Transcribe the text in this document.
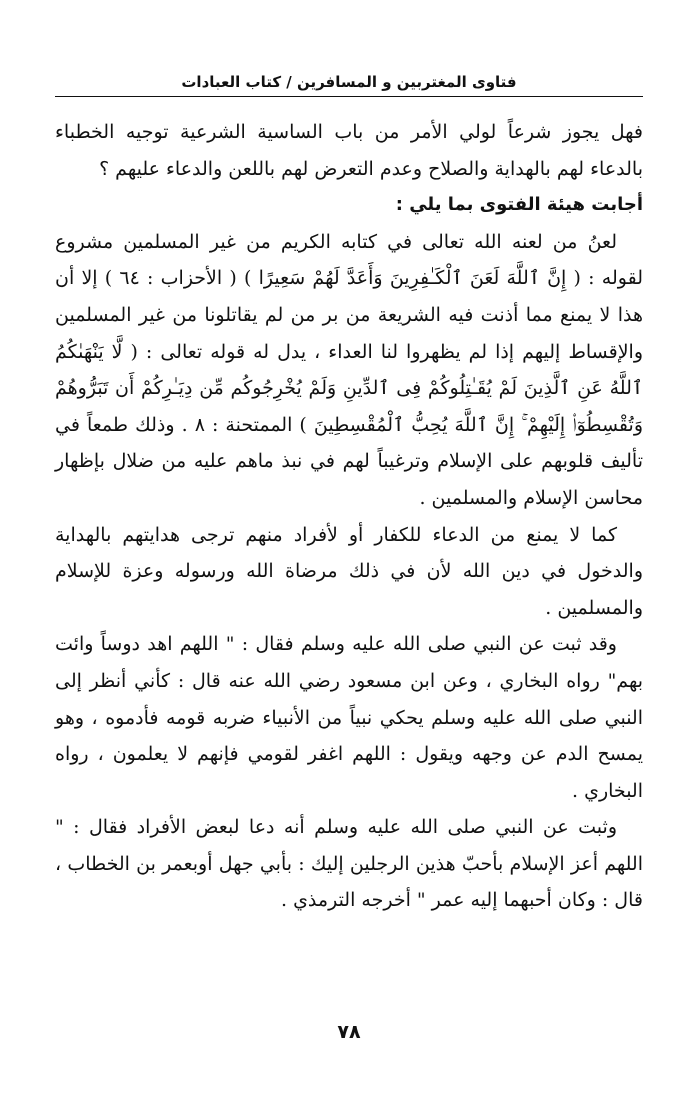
فتاوى المغتربين و المسافرين / كتاب العبادات

فهل يجوز شرعاً لولي الأمر من باب الساسية الشرعية توجيه الخطباء بالدعاء لهم بالهداية والصلاح وعدم التعرض لهم باللعن والدعاء عليهم ؟

أجابت هيئة الفتوى بما يلي :

لعنُ من لعنه الله تعالى في كتابه الكريم من غير المسلمين مشروع لقوله : ( إِنَّ ٱللَّهَ لَعَنَ ٱلْكَـٰفِرِينَ وَأَعَدَّ لَهُمْ سَعِيرًا ) ( الأحزاب : ٦٤ ) إلا أن هذا لا يمنع مما أذنت فيه الشريعة من بر من لم يقاتلونا من غير المسلمين والإقساط إليهم إذا لم يظهروا لنا العداء ، يدل له قوله تعالى : ( لَّا يَنْهَىٰكُمُ ٱللَّهُ عَنِ ٱلَّذِينَ لَمْ يُقَـٰتِلُوكُمْ فِى ٱلدِّينِ وَلَمْ يُخْرِجُوكُم مِّن دِيَـٰرِكُمْ أَن تَبَرُّوهُمْ وَتُقْسِطُوٓا۟ إِلَيْهِمْ ۚ إِنَّ ٱللَّهَ يُحِبُّ ٱلْمُقْسِطِينَ ) الممتحنة : ٨ . وذلك طمعاً في تأليف قلوبهم على الإسلام وترغيباً لهم في نبذ ماهم عليه من ضلال بإظهار محاسن الإسلام والمسلمين .

كما لا يمنع من الدعاء للكفار أو لأفراد منهم ترجى هدايتهم بالهداية والدخول في دين الله لأن في ذلك مرضاة الله ورسوله وعزة للإسلام والمسلمين .

وقد ثبت عن النبي صلى الله عليه وسلم فقال : " اللهم اهد دوساً وائت بهم" رواه البخاري ، وعن ابن مسعود رضي الله عنه قال : كأني أنظر إلى النبي صلى الله عليه وسلم يحكي نبياً من الأنبياء ضربه قومه فأدموه ، وهو يمسح الدم عن وجهه ويقول : اللهم اغفر لقومي فإنهم لا يعلمون ، رواه البخاري .

وثبت عن النبي صلى الله عليه وسلم أنه دعا لبعض الأفراد فقال : " اللهم أعز الإسلام بأحبّ هذين الرجلين إليك : بأبي جهل أوبعمر بن الخطاب ، قال : وكان أحبهما إليه عمر " أخرجه الترمذي .

٧٨
